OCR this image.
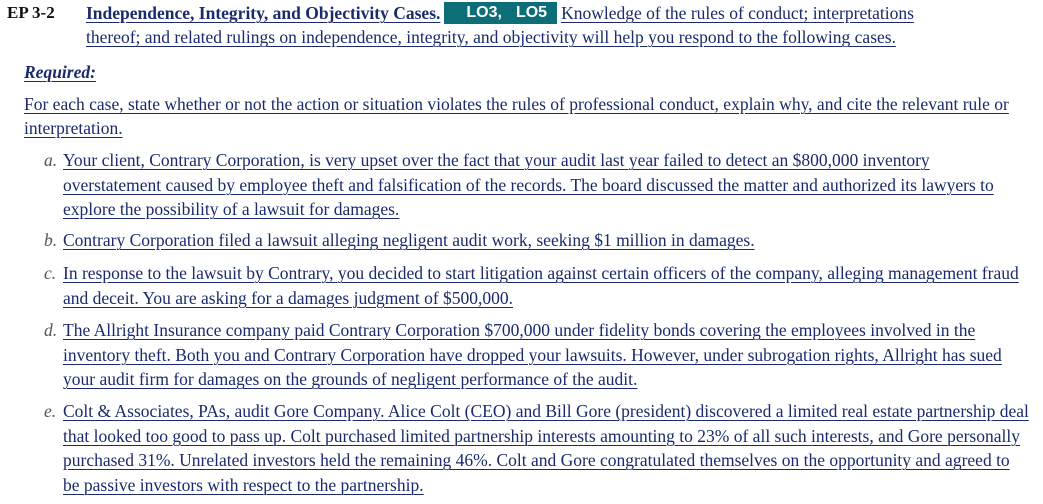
EP 3-2 Independence, Integrity, and Objectivity Cases. LO3, LO5 Knowledge of the rules of conduct; interpretations
thereof; and related rulings on independence, integrity, and objectivity will help you respond to the following cases.
Required:
For each case, state whether or not the action or situation violates the rules of professional conduct, explain why, and cite the relevant rule or interpretation.
a. Your client, Contrary Corporation, is very upset over the fact that your audit last year failed to detect an $800,000 inventory overstatement caused by employee theft and falsification of the records. The board discussed the matter and authorized its lawyers to explore the possibility of a lawsuit for damages.
b. Contrary Corporation filed a lawsuit alleging negligent audit work, seeking $1 million in damages.
c. In response to the lawsuit by Contrary, you decided to start litigation against certain officers of the company, alleging management fraud and deceit. You are asking for a damages judgment of $500,000.
d. The Allright Insurance company paid Contrary Corporation $700,000 under fidelity bonds covering the employees involved in the inventory theft. Both you and Contrary Corporation have dropped your lawsuits. However, under subrogation rights, Allright has sued your audit firm for damages on the grounds of negligent performance of the audit.
e. Colt & Associates, PAs, audit Gore Company. Alice Colt (CEO) and Bill Gore (president) discovered a limited real estate partnership deal that looked too good to pass up. Colt purchased limited partnership interests amounting to 23% of all such interests, and Gore personally purchased 31%. Unrelated investors held the remaining 46%. Colt and Gore congratulated themselves on the opportunity and agreed to be passive investors with respect to the partnership.
